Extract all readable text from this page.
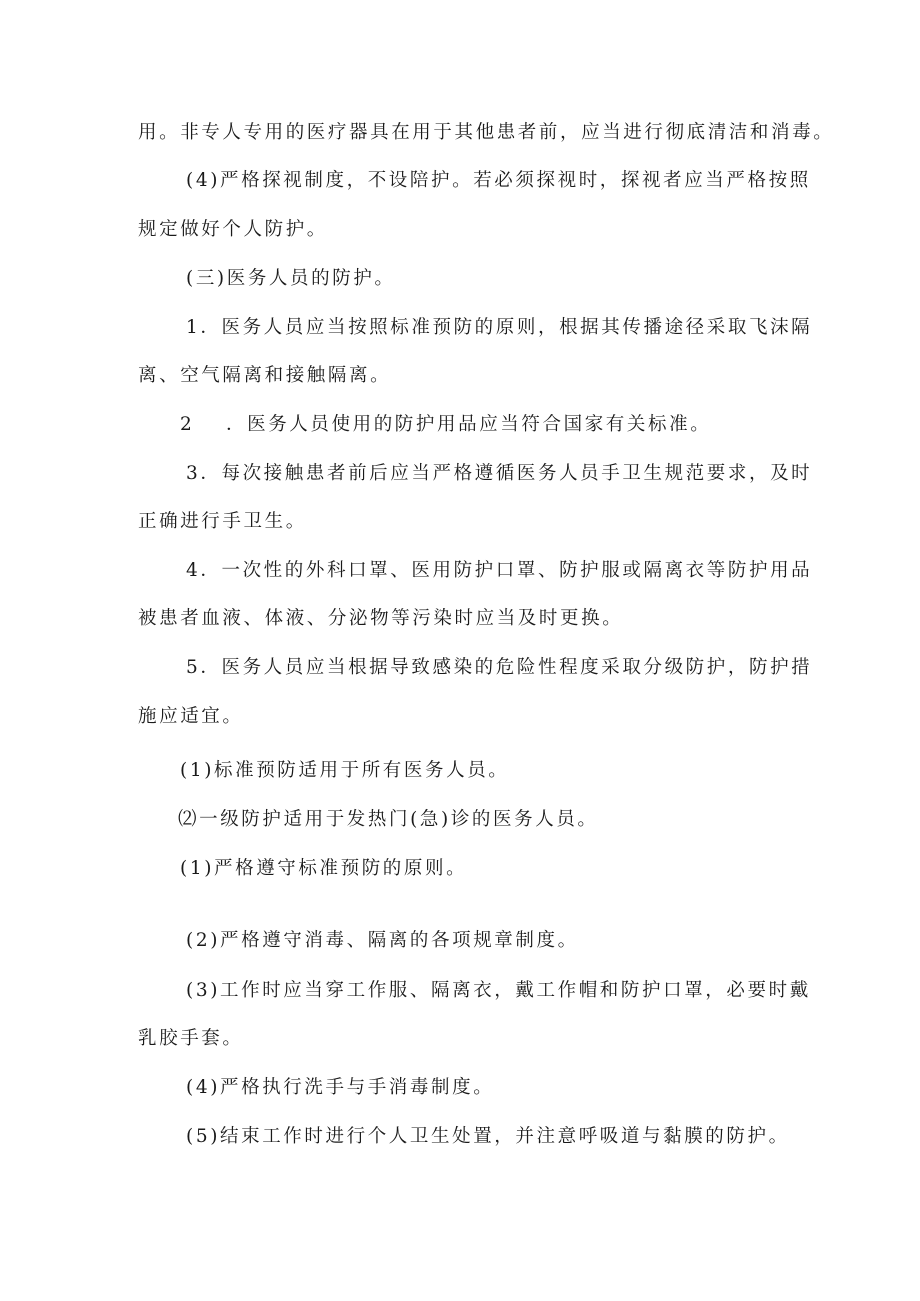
用。非专人专用的医疗器具在用于其他患者前，应当进行彻底清洁和消毒。
(4)严格探视制度，不设陪护。若必须探视时，探视者应当严格按照
规定做好个人防护。
(三)医务人员的防护。
1．医务人员应当按照标准预防的原则，根据其传播途径采取飞沫隔
离、空气隔离和接触隔离。
2 ．医务人员使用的防护用品应当符合国家有关标准。
3．每次接触患者前后应当严格遵循医务人员手卫生规范要求，及时
正确进行手卫生。
4．一次性的外科口罩、医用防护口罩、防护服或隔离衣等防护用品
被患者血液、体液、分泌物等污染时应当及时更换。
5．医务人员应当根据导致感染的危险性程度采取分级防护，防护措
施应适宜。
(1)标准预防适用于所有医务人员。
⑵一级防护适用于发热门(急)诊的医务人员。
(1)严格遵守标准预防的原则。
(2)严格遵守消毒、隔离的各项规章制度。
(3)工作时应当穿工作服、隔离衣，戴工作帽和防护口罩，必要时戴
乳胶手套。
(4)严格执行洗手与手消毒制度。
(5)结束工作时进行个人卫生处置，并注意呼吸道与黏膜的防护。
